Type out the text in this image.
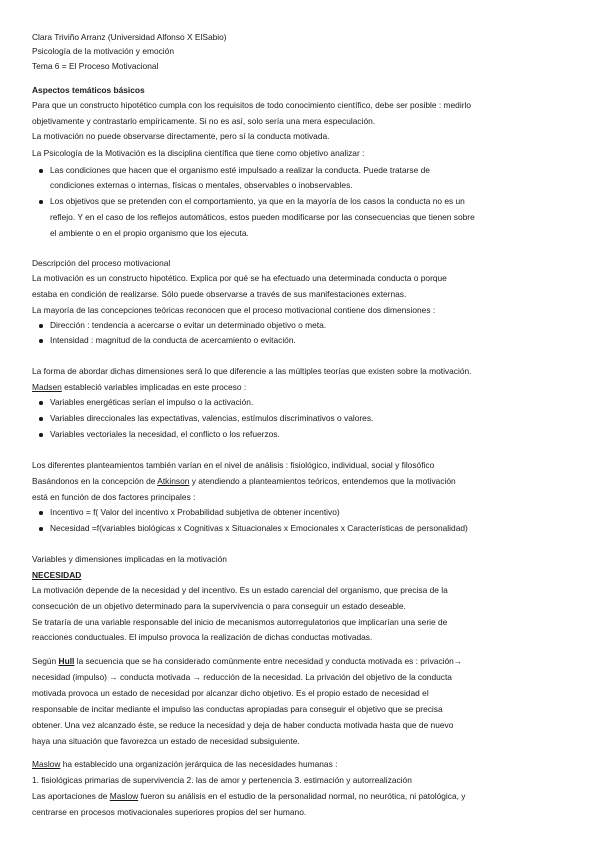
Clara Triviño Arranz (Universidad Alfonso X ElSabio)
Psicología de la motivación y emoción
Tema 6 = El Proceso Motivacional
Aspectos temáticos básicos
Para que un constructo hipotético cumpla con los requisitos de todo conocimiento científico, debe ser posible : medirlo
objetivamente y contrastarlo empíricamente. Si no es así, solo sería una mera especulación.
La motivación no puede observarse directamente, pero sí la conducta motivada.
La Psicología de la Motivación es la disciplina científica que tiene como objetivo analizar :
Las condiciones que hacen que el organismo esté impulsado a realizar la conducta. Puede tratarse de
condiciones externas o internas, físicas o mentales, observables o inobservables.
Los objetivos que se pretenden con el comportamiento, ya que en la mayoría de los casos la conducta no es un
reflejo. Y en el caso de los reflejos automáticos, estos pueden modificarse por las consecuencias que tienen sobre
el ambiente o en el propio organismo que los ejecuta.
Descripción del proceso motivacional
La motivación es un constructo hipotético. Explica por qué se ha efectuado una determinada conducta o porque
estaba en condición de realizarse. Sólo puede observarse a través de sus manifestaciones externas.
La mayoría de las concepciones teóricas reconocen que el proceso motivacional contiene dos dimensiones :
Dirección : tendencia a acercarse o evitar un determinado objetivo o meta.
Intensidad : magnitud de la conducta de acercamiento o evitación.
La forma de abordar dichas dimensiones será lo que diferencie a las múltiples teorías que existen sobre la motivación.
Madsen estableció variables implicadas en este proceso :
Variables energéticas serían el impulso o la activación.
Variables direccionales las expectativas, valencias, estímulos discriminativos o valores.
Variables vectoriales la necesidad, el conflicto o los refuerzos.
Los diferentes planteamientos también varían en el nivel de análisis : fisiológico, individual, social y filosófico
Basándonos en la concepción de Atkinson y atendiendo a planteamientos teóricos, entendemos que la motivación
está en función de dos factores principales :
Incentivo = f( Valor del incentivo x Probabilidad subjetiva de obtener incentivo)
Necesidad =f(variables biológicas x Cognitivas x Situacionales x Emocionales x Características de personalidad)
Variables y dimensiones implicadas en la motivación
NECESIDAD
La motivación depende de la necesidad y del incentivo. Es un estado carencial del organismo, que precisa de la
consecución de un objetivo determinado para la supervivencia o para conseguir un estado deseable.
Se trataría de una variable responsable del inicio de mecanismos autorregulatorios que implicarían una serie de
reacciones conductuales. El impulso provoca la realización de dichas conductas motivadas.
Según Hull la secuencia que se ha considerado comúnmente entre necesidad y conducta motivada es : privación→
necesidad (impulso) → conducta motivada → reducción de la necesidad. La privación del objetivo de la conducta
motivada provoca un estado de necesidad por alcanzar dicho objetivo. Es el propio estado de necesidad el
responsable de incitar mediante el impulso las conductas apropiadas para conseguir el objetivo que se precisa
obtener. Una vez alcanzado éste, se reduce la necesidad y deja de haber conducta motivada hasta que de nuevo
haya una situación que favorezca un estado de necesidad subsiguiente.
Maslow ha establecido una organización jerárquica de las necesidades humanas :
1. fisiológicas primarias de supervivencia 2. las de amor y pertenencia 3. estimación y autorrealización
Las aportaciones de Maslow fueron su análisis en el estudio de la personalidad normal, no neurótica, ni patológica, y
centrarse en procesos motivacionales superiores propios del ser humano.
